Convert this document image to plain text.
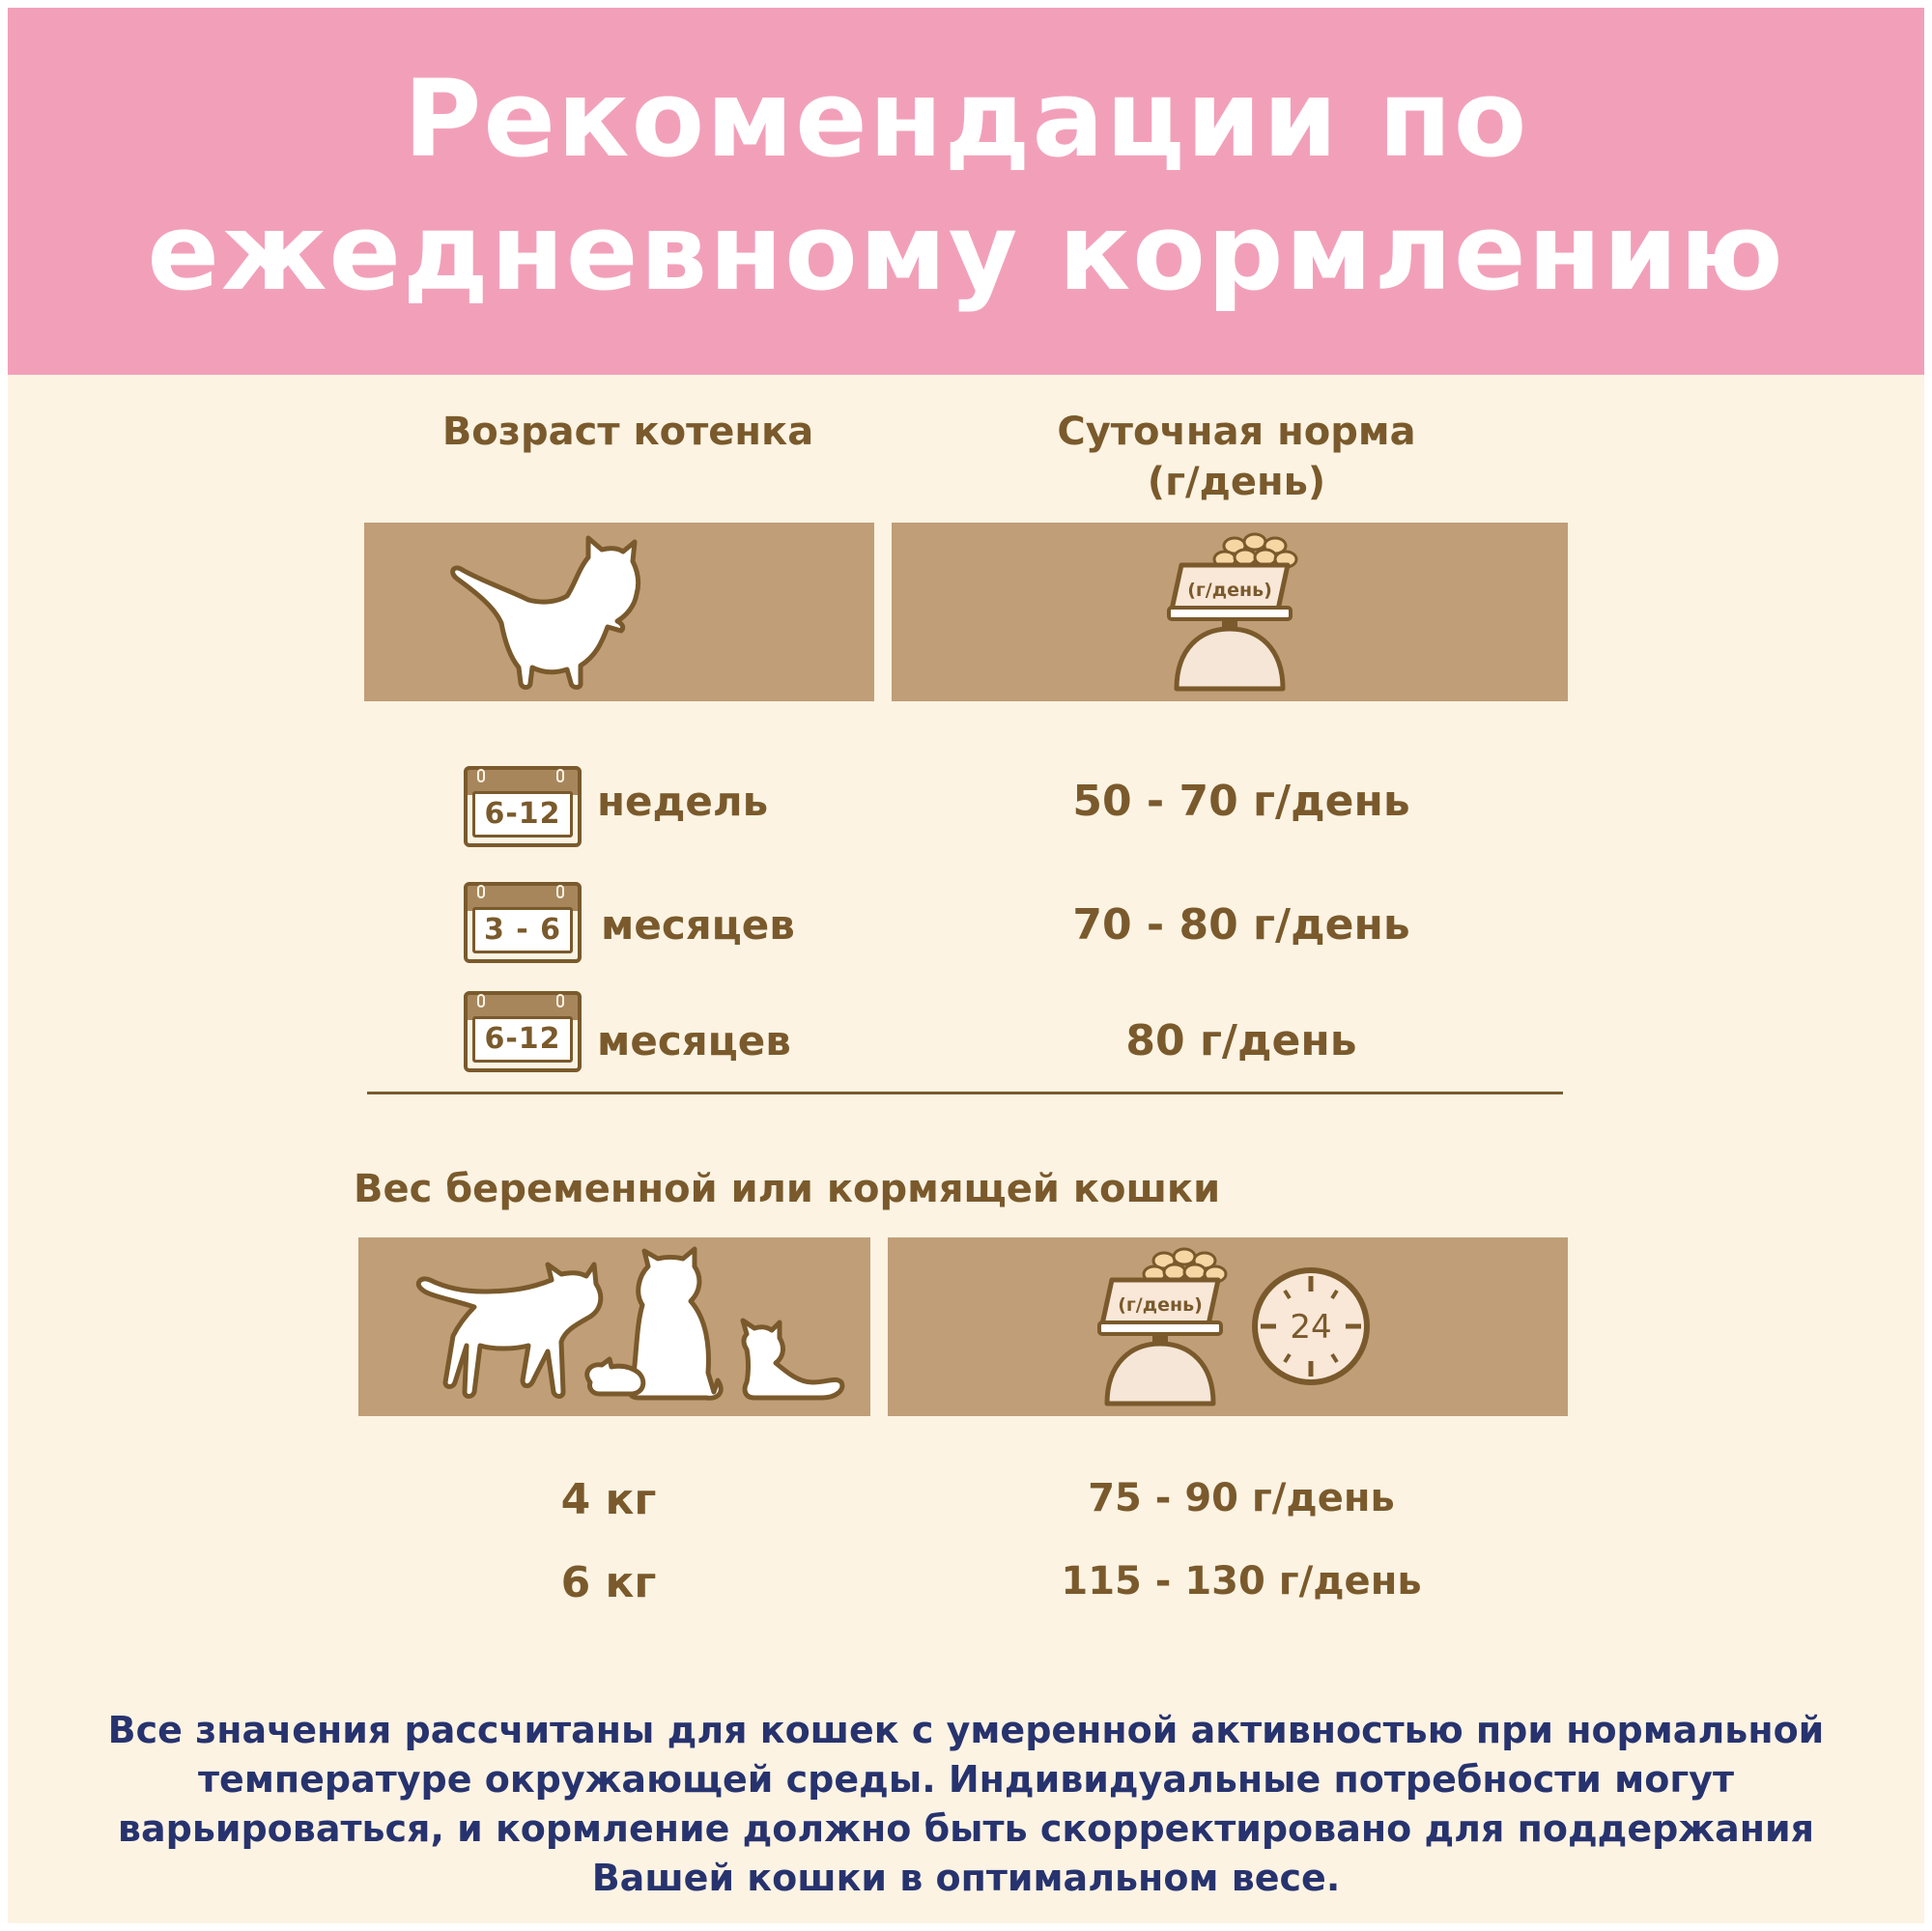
Рекомендации по
ежедневному кормлению
Возраст котенка	Суточная норма
(г/день)
(г/день)
6-12 недель	50 - 70 г/день
3 - 6 месяцев	70 - 80 г/день
6-12 месяцев	80 г/день
Вес беременной или кормящей кошки
(г/день)
24
4 кг	75 - 90 г/день
6 кг	115 - 130 г/день
Все значения рассчитаны для кошек с умеренной активностью при нормальной
температуре окружающей среды. Индивидуальные потребности могут
варьироваться, и кормление должно быть скорректировано для поддержания
Вашей кошки в оптимальном весе.
